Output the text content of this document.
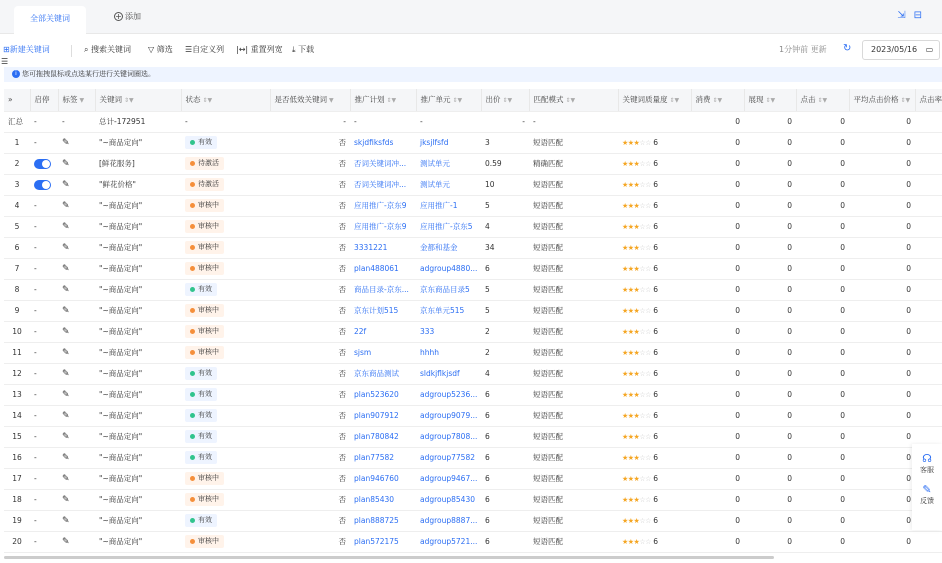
全部关键词	+ 添加	⇲⊟
⊞新建关键词	⌕ 搜索关键词 ▽ 筛选 ☰自定义列 |↔| 重置列宽 ⤓ 下载	1分钟前 更新 ↻	2023/05/16 ▭
☰
i 您可拖拽鼠标或点选某行进行关键词圈选。
»	启停	标签 ▼	关键词 ⇕▼	状态 ⇕▼	是否低效关键词 ▼	推广计划 ⇕▼	推广单元 ⇕▼	出价 ⇕▼	匹配模式 ⇕▼	关键词质量度 ⇕▼	消费 ⇕▼	展现 ⇕▼	点击 ⇕▼	平均点击价格 ⇕▼	点击率
汇总	-	-	总计-172951	-	-	-	-	-	-		0	0	0	0	
1	-	✎	"~商品定向"	有效	否	skjdfiksfds	jksjlfsfd	3	短语匹配	★★★☆☆ 6	0	0	0	0	
2		✎	[鲜花服务]	待激活	否	否词关键词冲...	测试单元	0.59	精确匹配	★★★☆☆ 6	0	0	0	0	
3		✎	"鲜花价格"	待激活	否	否词关键词冲...	测试单元	10	短语匹配	★★★☆☆ 6	0	0	0	0	
4	-	✎	"~商品定向"	审核中	否	应用推广-京东9	应用推广-1	5	短语匹配	★★★☆☆ 6	0	0	0	0	
5	-	✎	"~商品定向"	审核中	否	应用推广-京东9	应用推广-京东5	4	短语匹配	★★★☆☆ 6	0	0	0	0	
6	-	✎	"~商品定向"	审核中	否	3331221	金都和基金	34	短语匹配	★★★☆☆ 6	0	0	0	0	
7	-	✎	"~商品定向"	审核中	否	plan488061	adgroup4880...	6	短语匹配	★★★☆☆ 6	0	0	0	0	
8	-	✎	"~商品定向"	有效	否	商品目录-京东...	京东商品目录5	5	短语匹配	★★★☆☆ 6	0	0	0	0	
9	-	✎	"~商品定向"	审核中	否	京东计划515	京东单元515	5	短语匹配	★★★☆☆ 6	0	0	0	0	
10	-	✎	"~商品定向"	审核中	否	22f	333	2	短语匹配	★★★☆☆ 6	0	0	0	0	
11	-	✎	"~商品定向"	审核中	否	sjsm	hhhh	2	短语匹配	★★★☆☆ 6	0	0	0	0	
12	-	✎	"~商品定向"	有效	否	京东商品测试	sldkjflkjsdf	4	短语匹配	★★★☆☆ 6	0	0	0	0	
13	-	✎	"~商品定向"	有效	否	plan523620	adgroup5236...	6	短语匹配	★★★☆☆ 6	0	0	0	0	
14	-	✎	"~商品定向"	有效	否	plan907912	adgroup9079...	6	短语匹配	★★★☆☆ 6	0	0	0	0	
15	-	✎	"~商品定向"	有效	否	plan780842	adgroup7808...	6	短语匹配	★★★☆☆ 6	0	0	0	0	
16	-	✎	"~商品定向"	有效	否	plan77582	adgroup77582	6	短语匹配	★★★☆☆ 6	0	0	0	0	
17	-	✎	"~商品定向"	审核中	否	plan946760	adgroup9467...	6	短语匹配	★★★☆☆ 6	0	0	0	0	
18	-	✎	"~商品定向"	审核中	否	plan85430	adgroup85430	6	短语匹配	★★★☆☆ 6	0	0	0	0	
19	-	✎	"~商品定向"	有效	否	plan888725	adgroup8887...	6	短语匹配	★★★☆☆ 6	0	0	0	0	
20	-	✎	"~商品定向"	审核中	否	plan572175	adgroup5721...	6	短语匹配	★★★☆☆ 6	0	0	0	0	
☊
客服
✎
反馈
